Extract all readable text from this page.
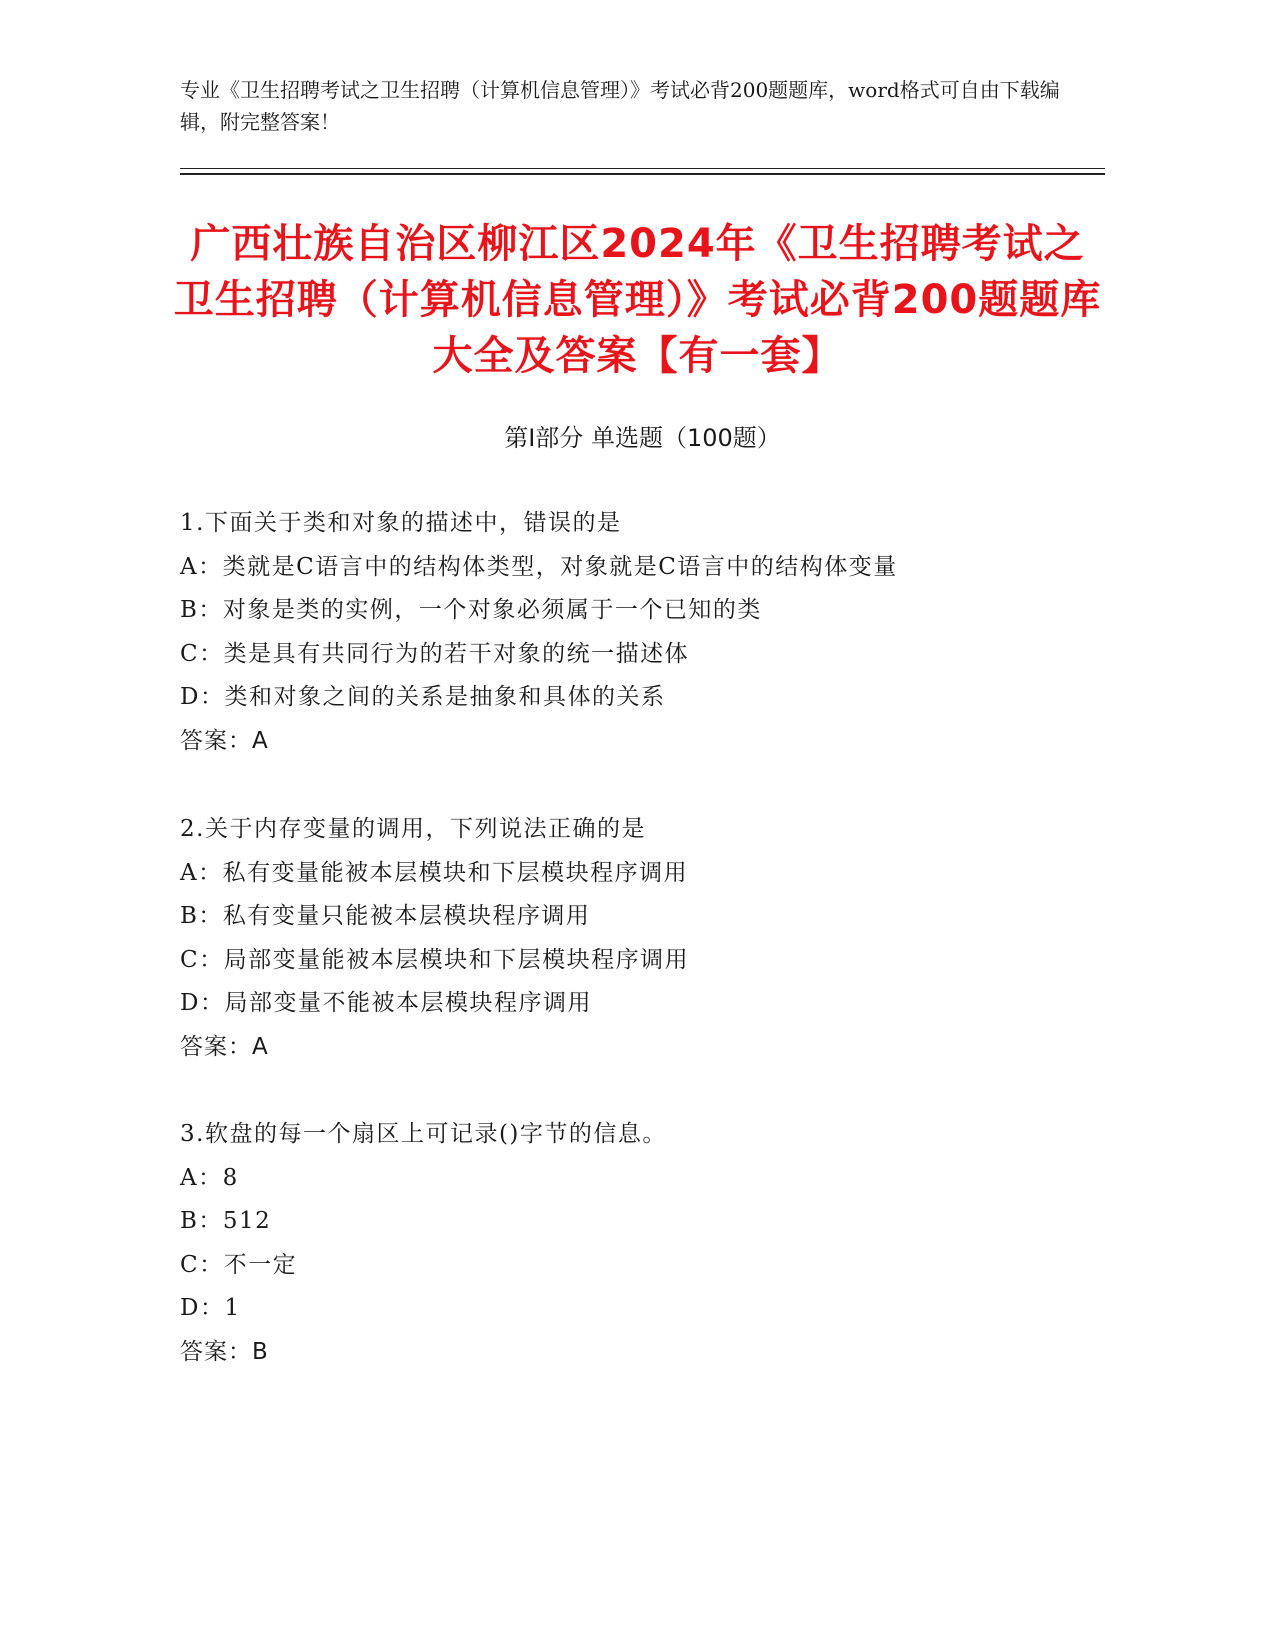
专业《卫生招聘考试之卫生招聘（计算机信息管理）》考试必背200题题库，word格式可自由下载编辑，附完整答案！

广西壮族自治区柳江区2024年《卫生招聘考试之卫生招聘（计算机信息管理）》考试必背200题题库大全及答案【有一套】
第Ⅰ部分 单选题（100题）
1.下面关于类和对象的描述中，错误的是
A：类就是C语言中的结构体类型，对象就是C语言中的结构体变量
B：对象是类的实例，一个对象必须属于一个已知的类
C：类是具有共同行为的若干对象的统一描述体
D：类和对象之间的关系是抽象和具体的关系
答案：A
2.关于内存变量的调用，下列说法正确的是
A：私有变量能被本层模块和下层模块程序调用
B：私有变量只能被本层模块程序调用
C：局部变量能被本层模块和下层模块程序调用
D：局部变量不能被本层模块程序调用
答案：A
3.软盘的每一个扇区上可记录()字节的信息。
A：8
B：512
C：不一定
D：1
答案：B
